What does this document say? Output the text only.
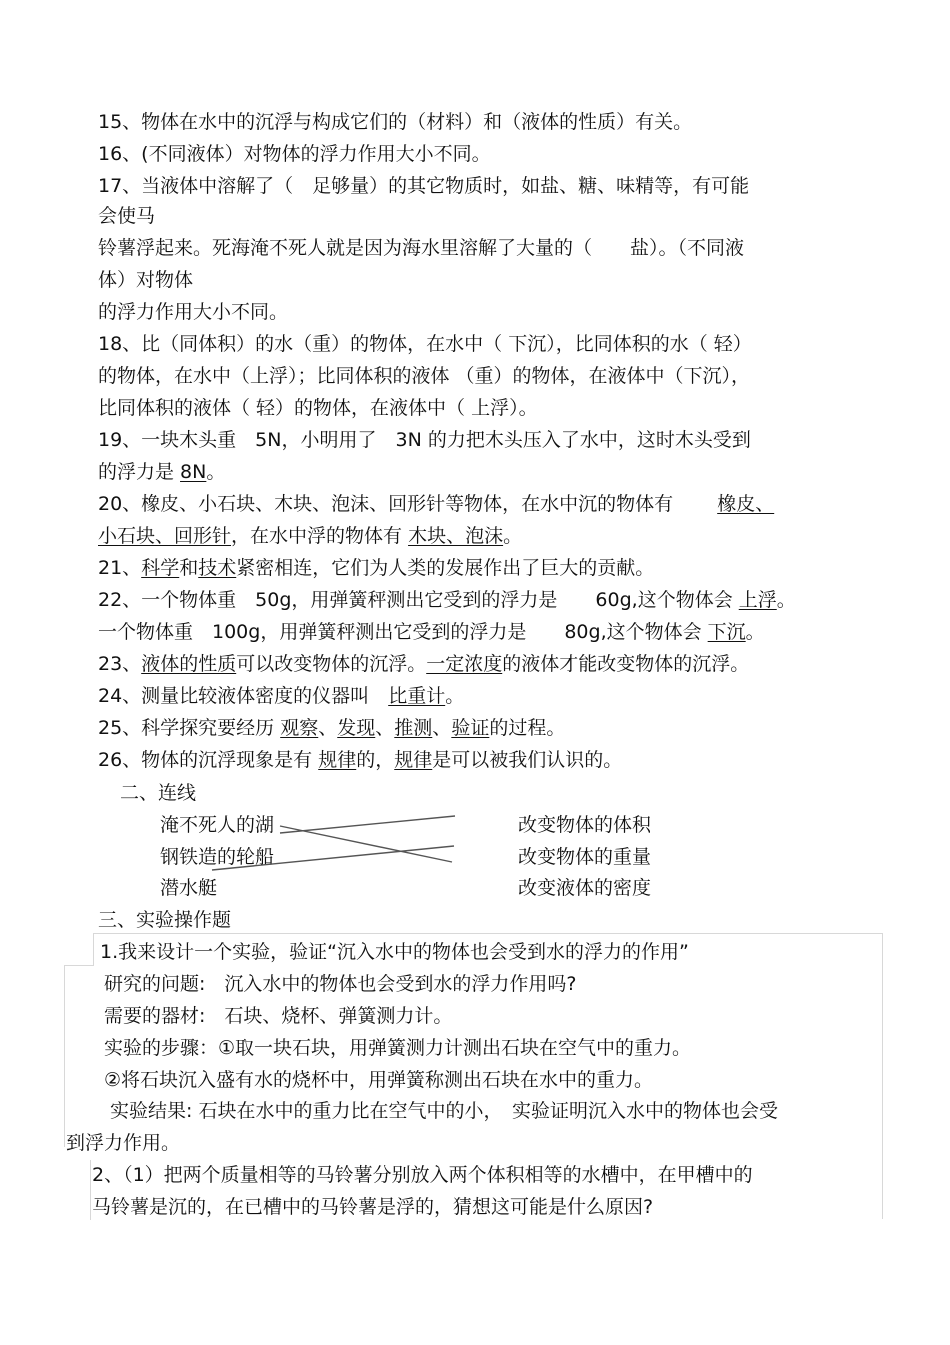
15、物体在水中的沉浮与构成它们的（材料）和（液体的性质）有关。
16、(不同液体）对物体的浮力作用大小不同。
17、当液体中溶解了（　足够量）的其它物质时，如盐、糖、味精等，有可能
会使马
铃薯浮起来。死海淹不死人就是因为海水里溶解了大量的（　　盐）。（不同液
体）对物体
的浮力作用大小不同。
18、比（同体积）的水（重）的物体，在水中（ 下沉），比同体积的水（ 轻）
的物体，在水中（上浮）；比同体积的液体 （重）的物体，在液体中（下沉），
比同体积的液体（ 轻）的物体，在液体中（ 上浮）。
19、一块木头重　5N，小明用了　3N 的力把木头压入了水中，这时木头受到
的浮力是 8N。
20、橡皮、小石块、木块、泡沫、回形针等物体，在水中沉的物体有 橡皮、
小石块、回形针，在水中浮的物体有 木块、泡沫。
21、科学和技术紧密相连，它们为人类的发展作出了巨大的贡献。
22、一个物体重　50g，用弹簧秤测出它受到的浮力是　　60g,这个物体会 上浮。
一个物体重　100g，用弹簧秤测出它受到的浮力是　　80g,这个物体会 下沉。
23、液体的性质可以改变物体的沉浮。一定浓度的液体才能改变物体的沉浮。
24、测量比较液体密度的仪器叫　比重计。
25、科学探究要经历 观察、发现、推测、验证的过程。
26、物体的沉浮现象是有 规律的，规律是可以被我们认识的。
二、连线
淹不死人的湖
钢铁造的轮船
潜水艇
改变物体的体积
改变物体的重量
改变液体的密度
三、实验操作题
1.我来设计一个实验，验证“沉入水中的物体也会受到水的浮力的作用”
研究的问题:　沉入水中的物体也会受到水的浮力作用吗?
需要的器材:　石块、烧杯、弹簧测力计。
实验的步骤：①取一块石块，用弹簧测力计测出石块在空气中的重力。
②将石块沉入盛有水的烧杯中，用弹簧称测出石块在水中的重力。
实验结果: 石块在水中的重力比在空气中的小，　实验证明沉入水中的物体也会受
到浮力作用。
2、（1）把两个质量相等的马铃薯分别放入两个体积相等的水槽中，在甲槽中的
马铃薯是沉的，在已槽中的马铃薯是浮的，猜想这可能是什么原因?
